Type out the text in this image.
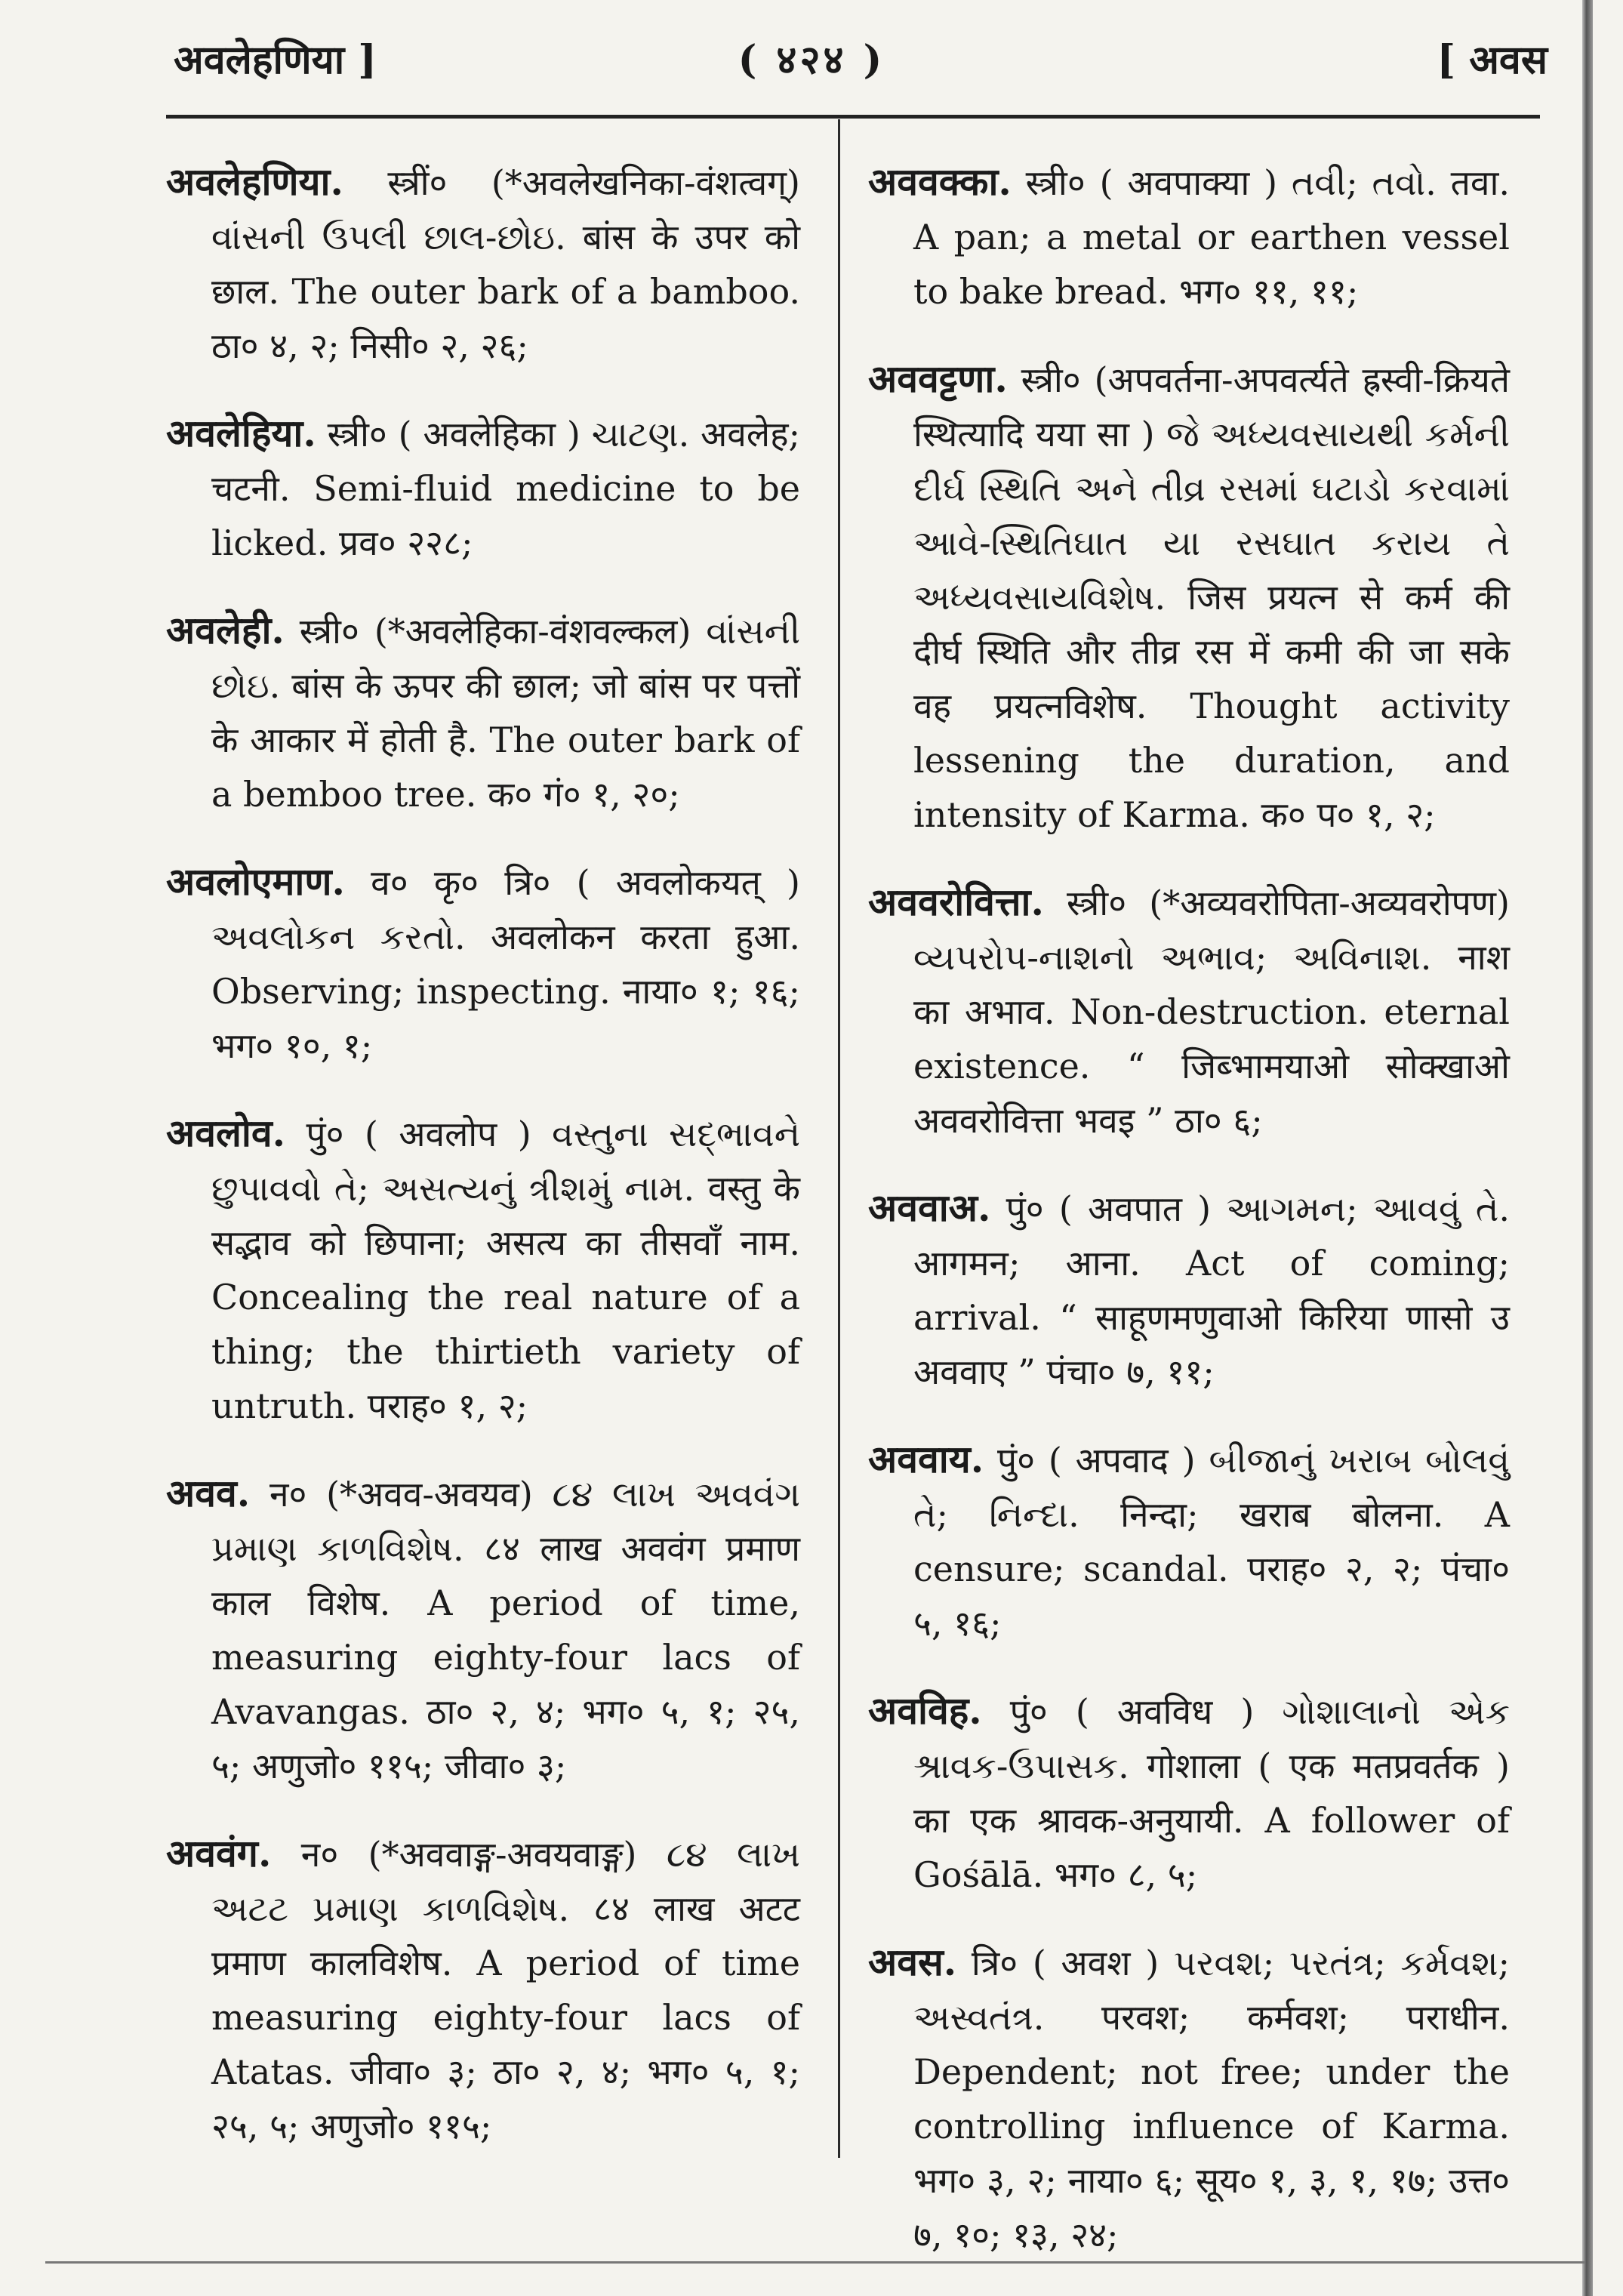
अवलेहणिया ]	( ४२४ )	[ अवस

अवलेहणिया. स्त्रीं० (*अवलेखनिका-वंशत्वग्) વાંસની ઉપલી છાલ-છોઇ. बांस के उपर को छाल. The outer bark of a bamboo. ठा० ४, २; निसी० २, २६;

अवलेहिया. स्त्री० ( अवलेहिका ) ચાટણ. अवलेह; चटनी. Semi-fluid medicine to be licked. प्रव० २२८;

अवलेही. स्त्री० (*अवलेहिका-वंशवल्कल) વાંસની છોઇ. बांस के ऊपर की छाल; जो बांस पर पत्तों के आकार में होती है. The outer bark of a bemboo tree. क० गं० १, २०;

अवलोएमाण. व० कृ० त्रि० ( अवलोकयत् ) અવલોકન કરતો. अवलोकन करता हुआ. Observing; inspecting. नाया० १; १६; भग० १०, १;

अवलोव. पुं० ( अवलोप ) વસ્તુના સદ્ભાવને છુપાવવો તે; અસત્યનું ત્રીશમું નામ. वस्तु के सद्भाव को छिपाना; असत्य का तीसवाँ नाम. Concealing the real nature of a thing; the thirtieth variety of untruth. पराह० १, २;

अवव. न० (*अवव-अवयव) ૮૪ લાખ અવવંગ પ્રમાણ કાળવિશેષ. ८४ लाख अववंग प्रमाण काल विशेष. A period of time, measuring eighty-four lacs of Avavangas. ठा० २, ४; भग० ५, १; २५, ५; अणुजो० ११५; जीवा० ३;

अववंग. न० (*अववाङ्ग-अवयवाङ्ग) ૮૪ લાખ અટટ પ્રમાણ કાળવિશેષ. ८४ लाख अटट प्रमाण कालविशेष. A period of time measuring eighty-four lacs of Atatas. जीवा० ३; ठा० २, ४; भग० ५, १; २५, ५; अणुजो० ११५;

अववक्का. स्त्री० ( अवपाक्या ) તવી; તવો. तवा. A pan; a metal or earthen vessel to bake bread. भग० ११, ११;

अववट्टणा. स्त्री० (अपवर्तना-अपवर्त्यते ह्रस्वी-क्रियते स्थित्यादि यया सा ) જે અધ્યવસાયથી કર્મની દીર્ઘ સ્થિતિ અને તીવ્ર રસમાં ઘટાડો કરવામાં આવે-સ્થિતિઘાત યા રસઘાત કરાય તે અધ્યવસાયવિશેષ. जिस प्रयत्न से कर्म की दीर्घ स्थिति और तीव्र रस में कमी की जा सके वह प्रयत्नविशेष. Thought activity lessening the duration, and intensity of Karma. क० प० १, २;

अववरोवित्ता. स्त्री० (*अव्यवरोपिता-अव्यवरोपण) વ્યપરોપ-નાશનો અભાવ; અવિનાશ. नाश का अभाव. Non-destruction. eternal existence. “ जिब्भामयाओ सोक्खाओ अववरोवित्ता भवइ ” ठा० ६;

अववाअ. पुं० ( अवपात ) આગમન; આવવું તે. आगमन; आना. Act of coming; arrival. “ साहूणमणुवाओ किरिया णासो उ अववाए ” पंचा० ७, ११;

अववाय. पुं० ( अपवाद ) બીજાનું ખરાબ બોલવું તે; નિન્દા. निन्दा; खराब बोलना. A censure; scandal. पराह० २, २; पंचा० ५, १६;

अवविह. पुं० ( अवविध ) ગોશાલાનો એક શ્રાવક-ઉપાસક. गोशाला ( एक मतप्रवर्तक ) का एक श्रावक-अनुयायी. A follower of Gośālā. भग० ८, ५;

अवस. त्रि० ( अवश ) પરવશ; પરતંત્ર; કર્મવશ; અસ્વતંત્ર. परवश; कर्मवश; पराधीन. Dependent; not free; under the controlling influence of Karma. भग० ३, २; नाया० ६; सूय० १, ३, १, १७; उत्त० ७, १०; १३, २४;
